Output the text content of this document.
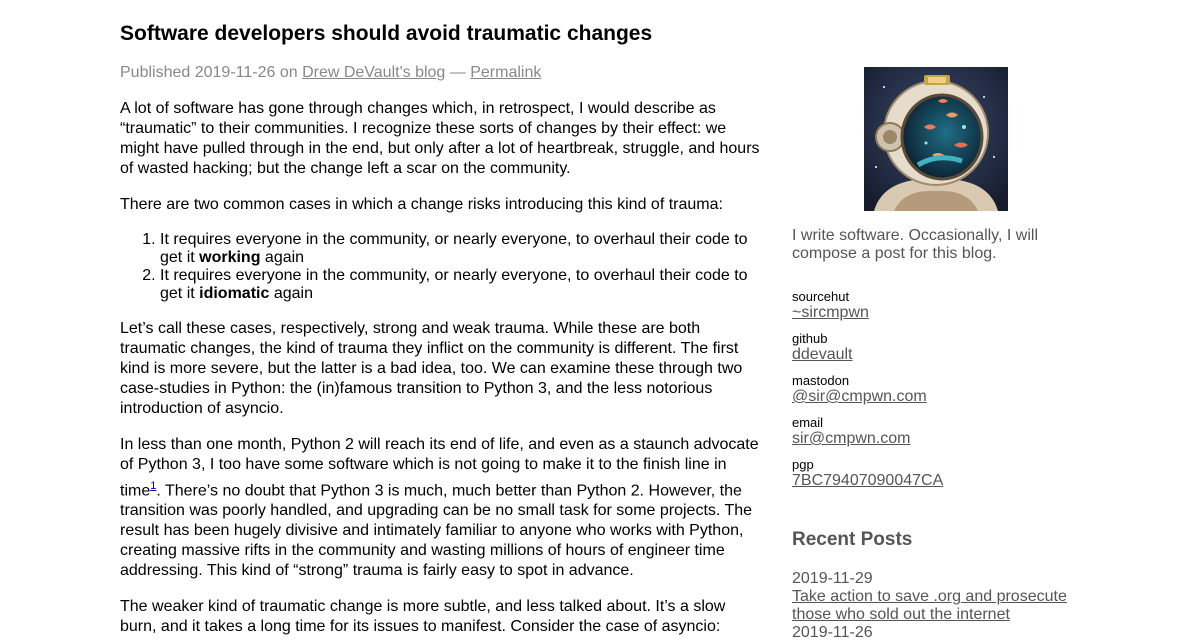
Software developers should avoid traumatic changes
Published 2019-11-26 on Drew DeVault's blog — Permalink

A lot of software has gone through changes which, in retrospect, I would describe as “traumatic” to their communities. I recognize these sorts of changes by their effect: we might have pulled through in the end, but only after a lot of heartbreak, struggle, and hours of wasted hacking; but the change left a scar on the community.

There are two common cases in which a change risks introducing this kind of trauma:

1. It requires everyone in the community, or nearly everyone, to overhaul their code to get it working again
2. It requires everyone in the community, or nearly everyone, to overhaul their code to get it idiomatic again

Let’s call these cases, respectively, strong and weak trauma. While these are both traumatic changes, the kind of trauma they inflict on the community is different. The first kind is more severe, but the latter is a bad idea, too. We can examine these through two case-studies in Python: the (in)famous transition to Python 3, and the less notorious introduction of asyncio.

In less than one month, Python 2 will reach its end of life, and even as a staunch advocate of Python 3, I too have some software which is not going to make it to the finish line in time$^1$. There’s no doubt that Python 3 is much, much better than Python 2. However, the transition was poorly handled, and upgrading can be no small task for some projects. The result has been hugely divisive and intimately familiar to anyone who works with Python, creating massive rifts in the community and wasting millions of hours of engineer time addressing. This kind of “strong” trauma is fairly easy to spot in advance.

The weaker kind of traumatic change is more subtle, and less talked about. It’s a slow burn, and it takes a long time for its issues to manifest. Consider the case of asyncio:

I write software. Occasionally, I will compose a post for this blog.
sourcehut
~sircmpwn
github
ddevault
mastodon
@sir@cmpwn.com
email
sir@cmpwn.com
pgp
7BC79407090047CA
Recent Posts
2019-11-29
Take action to save .org and prosecute those who sold out the internet
2019-11-26
